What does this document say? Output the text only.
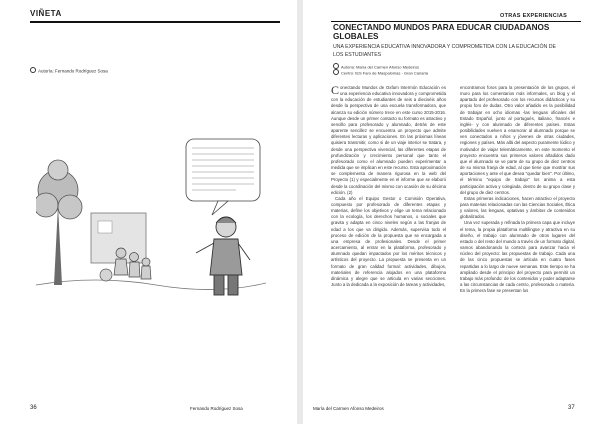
VIÑETA
Autoría: Fernando Rodríguez Sosa
36	Fernando Rodríguez Sosa
OTRAS EXPERIENCIAS
CONECTANDO MUNDOS PARA EDUCAR CIUDADANOS GLOBALES
UNA EXPERIENCIA EDUCATIVA INNOVADORA Y COMPROMETIDA CON LA EDUCACIÓN DE LOS ESTUDIANTES
Autoría: María del Carmen Afonso Medeiros
Centro: IES Faro de Maspalomas - Gran Canaria

Conectando Mundos de Oxfam Intermón Educación es una experiencia educativa innovadora y comprometida con la educación de estudiantes de seis a dieciséis años desde la perspectiva de una escuela transformadora, que alcanza su edición número trece en este curso 2015-2016. Aunque desde un primer contacto su formato es atractivo y sencillo para profesorado y alumnado, detrás de este aparente sencillez se encuentra un proyecto que admite diferentes lecturas y aplicaciones. En las próximas líneas quisiera transmitir, como si de un viaje interior se tratara, y desde una perspectiva vivencial, las diferentes etapas de profundización y crecimiento personal que tanto el profesorado como el alumnado pueden experimentar a medida que se implican en este recurso. Esta aproximación se complementa de manera rigurosa en la web del Proyecto (1) y especialmente en el informe que se elaboró desde la coordinación del mismo con ocasión de su décima edición. (2)

Cada año el Equipo Gestor o Comisión Operativa, compuesto por profesorado de diferentes etapas y materias, define los objetivos y elige un tema relacionado con la ecología, los derechos humanos, o sociales que gravita y adapta en cinco niveles según a las franjas de edad a los que va dirigido. Además, supervisa todo el proceso de edición de la propuesta que se encargada a una empresa de profesionales. Desde el primer acercamiento, al entrar en la plataforma, profesorado y alumnado quedan impactados por los méritos técnicos y artísticos del proyecto. La propuesta se presenta en un formato de gran calidad formal: actividades, dibujos, materiales de referencia alojados en una plataforma dinámica y alegre que se articula en varias secciones. Junto a la dedicada a la exposición de tareas y actividades,

encontramos foros para la presentación de los grupos, el muro para los comentarios más informales, un blog y el apartado del profesorado con los recursos didácticos y su propio foro de dudas. Otro valor añadido es la posibilidad de trabajar en ocho idiomas -las lenguas oficiales del Estado Español, junto al portugués, italiano, francés e inglés- y con alumnado de diferentes países. Estas posibilidades vuelven a enamorar al alumnado porque se ven conectados a niños y jóvenes de otras ciudades, regiones y países. Más allá del aspecto puramente lúdico y motivador de viajar telemáticamente, en este momento el proyecto encuentra sus primeros valores añadidos dado que el alumnado se ve parte de su grupo de diez centros de su misma franja de edad, al que tiene que mostrar sus aportaciones y ante el que desea "quedar bien". Por último, el término "equipo de trabajo" los anima a esta participación activa y colegiada, dentro de su grupo clase y del grupo de diez centros.

Estas primeras indicaciones, hacen atractivo el proyecto para materias relacionadas con las Ciencias Sociales, Ética y valores, las lenguas, optativas y ámbitos de contenidos globalizados.

Una vez superada y refinada la primera capa que incluye el tema, la propia plataforma multilingüe y atractiva en su diseño, el trabajo con alumnado de otros lugares del estado o del resto del mundo a través de un formato digital, vamos abandonando la corteza para avanzar hacia el núcleo del proyecto: las propuestas de trabajo. Cada una de las cinco propuestas se articula en cuatro fases repartidas a lo largo de nueve semanas. Este tiempo se ha ampliado desde el principio del proyecto para permitir un trabajo más profundo: de los contenidos y poder adaptarse a las circunstancias de cada centro, profesorado o materia. En la primera fase se presentan los

María del Carmen Afonso Medeiros	37
